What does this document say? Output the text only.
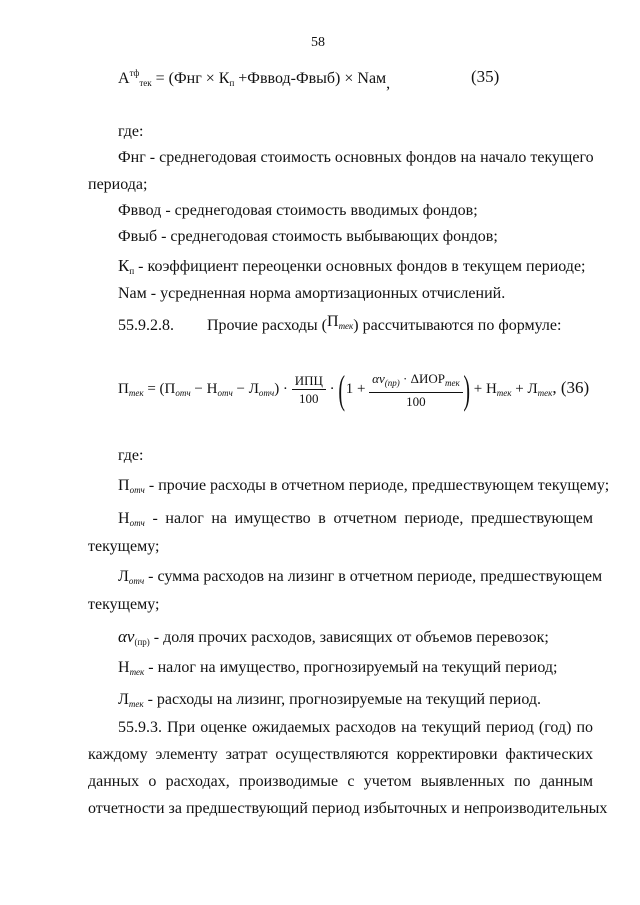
58
$А^{тф}_{тек} = (Фнг \times К_п$ +Фввод-Фвыб) × Nам,	(35)
где:
Фнг - среднегодовая стоимость основных фондов на начало текущего
периода;
Фввод - среднегодовая стоимость вводимых фондов;
Фвыб - среднегодовая стоимость выбывающих фондов;
$К_п$ - коэффициент переоценки основных фондов в текущем периоде;
Nам - усредненная норма амортизационных отчислений.
55.9.2.8. Прочие расходы $(П_{тек})$ рассчитываются по формуле:
$П_{тек} = (П_{отч} - Н_{отч} - Л_{отч}) \cdot \frac{\text{ИПЦ}}{100} \cdot (1 + \frac{\alpha v_{(пр)} \cdot \Delta ИОР_{тек}}{100}$ ) + $Н_{тек} + Л_{тек}$, (36)
где:
$П_{отч}$ - прочие расходы в отчетном периоде, предшествующем текущему;
$Н_{отч}$ - налог на имущество в отчетном периоде, предшествующем
текущему;
$Л_{отч}$ - сумма расходов на лизинг в отчетном периоде, предшествующем
текущему;
$\alpha v_{(пр)}$ - доля прочих расходов, зависящих от объемов перевозок;
$Н_{тек}$ - налог на имущество, прогнозируемый на текущий период;
$Л_{тек}$ - расходы на лизинг, прогнозируемые на текущий период.
55.9.3. При оценке ожидаемых расходов на текущий период (год) по
каждому элементу затрат осуществляются корректировки фактических
данных о расходах, производимые с учетом выявленных по данным
отчетности за предшествующий период избыточных и непроизводительных
